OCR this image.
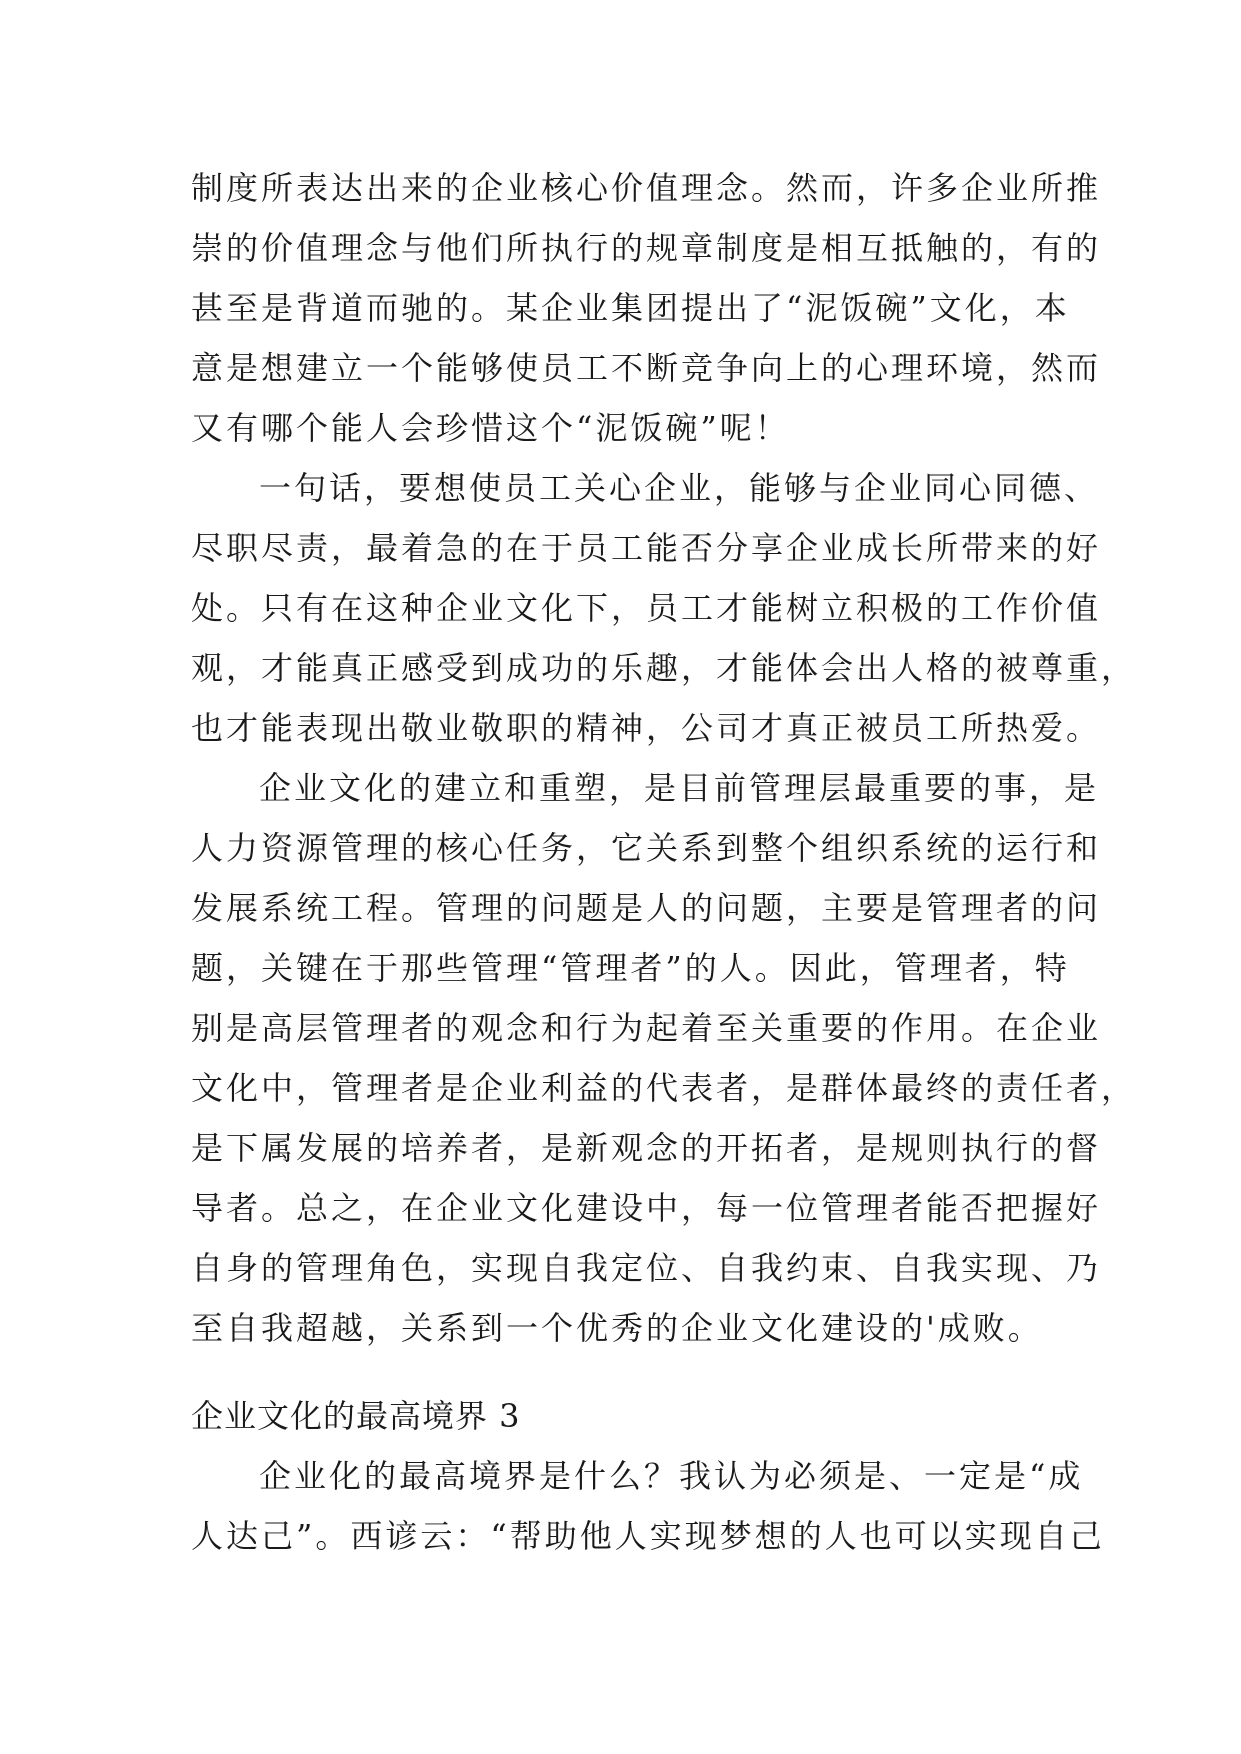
制度所表达出来的企业核心价值理念。然而，许多企业所推
崇的价值理念与他们所执行的规章制度是相互抵触的，有的
甚至是背道而驰的。某企业集团提出了“泥饭碗”文化，本
意是想建立一个能够使员工不断竞争向上的心理环境，然而
又有哪个能人会珍惜这个“泥饭碗”呢！
一句话，要想使员工关心企业，能够与企业同心同德、
尽职尽责，最着急的在于员工能否分享企业成长所带来的好
处。只有在这种企业文化下，员工才能树立积极的工作价值
观，才能真正感受到成功的乐趣，才能体会出人格的被尊重，
也才能表现出敬业敬职的精神，公司才真正被员工所热爱。
企业文化的建立和重塑，是目前管理层最重要的事，是
人力资源管理的核心任务，它关系到整个组织系统的运行和
发展系统工程。管理的问题是人的问题，主要是管理者的问
题，关键在于那些管理“管理者”的人。因此，管理者，特
别是高层管理者的观念和行为起着至关重要的作用。在企业
文化中，管理者是企业利益的代表者，是群体最终的责任者，
是下属发展的培养者，是新观念的开拓者，是规则执行的督
导者。总之，在企业文化建设中，每一位管理者能否把握好
自身的管理角色，实现自我定位、自我约束、自我实现、乃
至自我超越，关系到一个优秀的企业文化建设的'成败。
企业文化的最高境界 3
企业化的最高境界是什么？我认为必须是、一定是“成
人达己”。西谚云：“帮助他人实现梦想的人也可以实现自己
